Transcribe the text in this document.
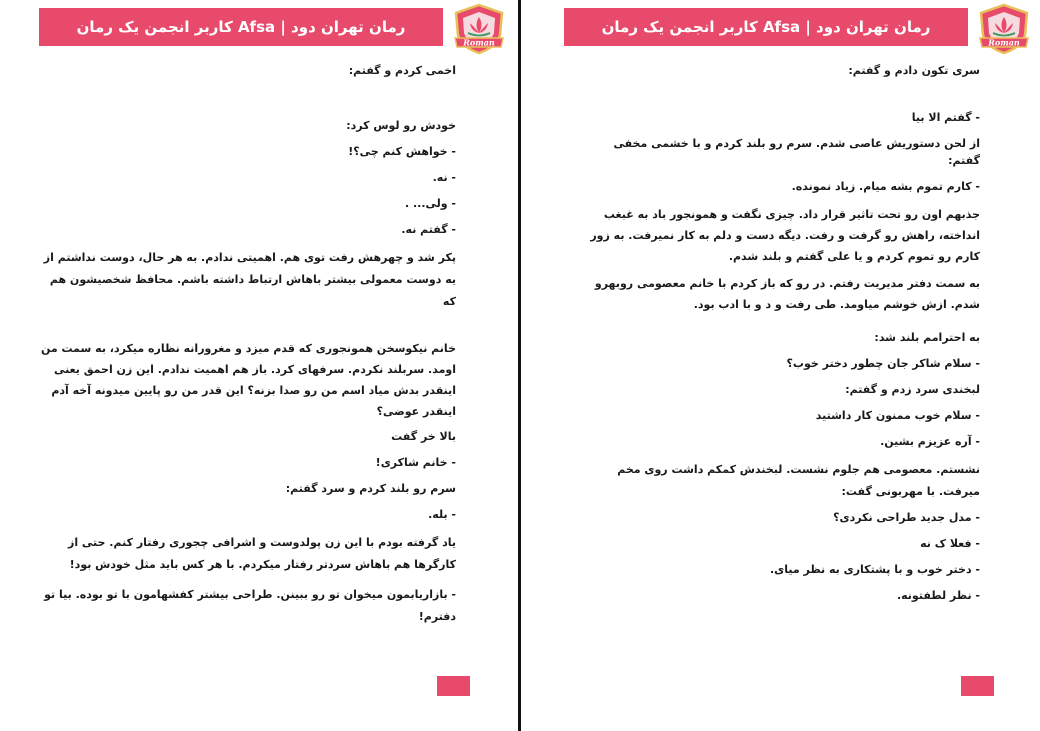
رمان تهران دود | Afsa کاربر انجمن یک رمان
Roman

اخمی کردم و گفتم:

خودش رو لوس کرد:

- خواهش کنم چی؟!

- نه.

- ولی... .

- گفتم نه.

پکر شد و چهرهش رفت توی هم. اهمیتی ندادم. به هر حال، دوست نداشتم از یه دوست معمولی بیشتر باهاش ارتباط داشته باشم. محافظ شخصیشون هم که

خانم نیکوسخن همونجوری که قدم میزد و مغرورانه نظاره میکرد، به سمت من اومد. سربلند نکردم. سرفهای کرد. باز هم اهمیت ندادم. این زن احمق یعنی اینقدر بدش میاد اسم من رو صدا بزنه؟ این قدر من رو پایین میدونه آخه آدم اینقدر عوضی؟

بالا خر گفت

- خانم شاکری!

سرم رو بلند کردم و سرد گفتم:

- بله.

یاد گرفته بودم با این زن پولدوست و اشرافی چجوری رفتار کنم. حتی از کارگرها هم باهاش سردتر رفتار میکردم. با هر کس باید مثل خودش بود!

- بازاریابمون میخوان تو رو ببینن. طراحی بیشتر کفشهامون با تو بوده. بیا تو دفترم!

رمان تهران دود | Afsa کاربر انجمن یک رمان
Roman

سری تکون دادم و گفتم:

- گفتم الا بیا

از لحن دستوریش عاصی شدم. سرم رو بلند کردم و با خشمی مخفی گفتم:

- کارم تموم بشه میام. زیاد نمونده.

جذبهم اون رو تحت تاثیر قرار داد. چیزی نگفت و همونجور باد به غبغب انداخته، راهش رو گرفت و رفت. دیگه دست و دلم به کار نمیرفت. به زور کارم رو تموم کردم و یا علی گفتم و بلند شدم.

به سمت دفتر مدیریت رفتم. در رو که باز کردم با خانم معصومی روبهرو شدم. ازش خوشم میاومد. طی رفت و د و با ادب بود.

به احترامم بلند شد:

- سلام شاکر جان چطور دختر خوب؟

لبخندی سرد زدم و گفتم:

- سلام خوب ممنون کار داشتید

- آره عزیزم بشین.

نشستم. معصومی هم جلوم نشست. لبخندش کمکم داشت روی مخم میرفت. با مهربونی گفت:

- مدل جدید طراحی نکردی؟

- فعلا ک نه

- دختر خوب و با پشتکاری به نظر میای.

- نظر لطفتونه.
